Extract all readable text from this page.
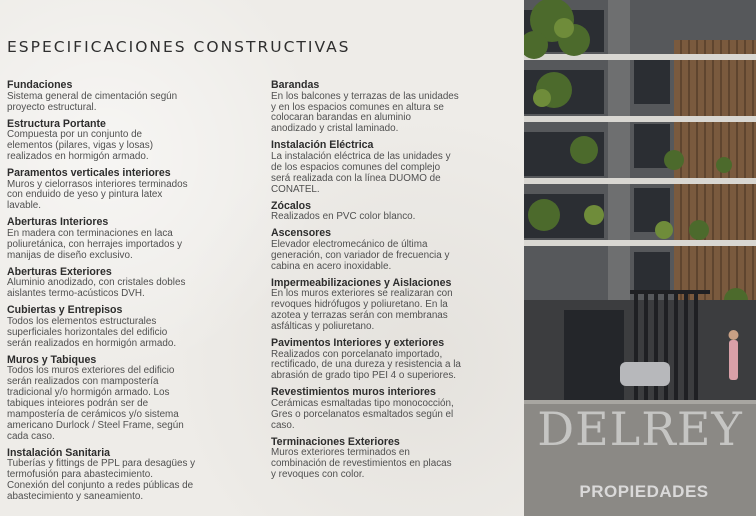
ESPECIFICACIONES CONSTRUCTIVAS
Fundaciones

Sistema general de cimentación según
proyecto estructural.

Estructura Portante

Compuesta por un conjunto de
elementos (pilares, vigas y losas)
realizados en hormigón armado.

Paramentos verticales interiores

Muros y cielorrasos interiores terminados
con enduido de yeso y pintura latex
lavable.

Aberturas Interiores

En madera con terminaciones en laca
poliuretánica, con herrajes importados y
manijas de diseño exclusivo.

Aberturas Exteriores

Aluminio anodizado, con cristales dobles
aislantes termo-acústicos DVH.

Cubiertas y Entrepisos

Todos los elementos estructurales
superficiales horizontales del edificio
serán realizados en hormigón armado.

Muros y Tabiques

Todos los muros exteriores del edificio
serán realizados con mampostería
tradicional y/o hormigón armado. Los
tabiques inteiores podrán ser de
mampostería de cerámicos y/o sistema
americano Durlock / Steel Frame, según
cada caso.

Instalación Sanitaria

Tuberías y fittings de PPL para desagües y
termofusión para abastecimiento.
Conexión del conjunto a redes públicas de
abastecimiento y saneamiento.

Barandas

En los balcones y terrazas de las unidades
y en los espacios comunes en altura se
colocaran barandas en aluminio
anodizado y cristal laminado.

Instalación Eléctrica

La instalación eléctrica de las unidades y
de los espacios comunes del complejo
será realizada con la línea DUOMO de
CONATEL.

Zócalos

Realizados en PVC color blanco.

Ascensores

Elevador electromecánico de última
generación, con variador de frecuencia y
cabina en acero inoxidable.

Impermeabilizaciones y Aislaciones

En los muros exteriores se realizaran con
revoques hidrófugos y poliuretano. En la
azotea y terrazas serán con membranas
asfálticas y poliuretano.

Pavimentos Interiores y exteriores

Realizados con porcelanato importado,
rectificado, de una dureza y resistencia a la
abrasión de grado tipo PEI 4 o superiores.

Revestimientos muros interiores

Cerámicas esmaltadas tipo monococción,
Gres o porcelanatos esmaltados según el
caso.

Terminaciones Exteriores

Muros exteriores terminados en
combinación de revestimientos en placas
y revoques con color.

DELREY
PROPIEDADES
